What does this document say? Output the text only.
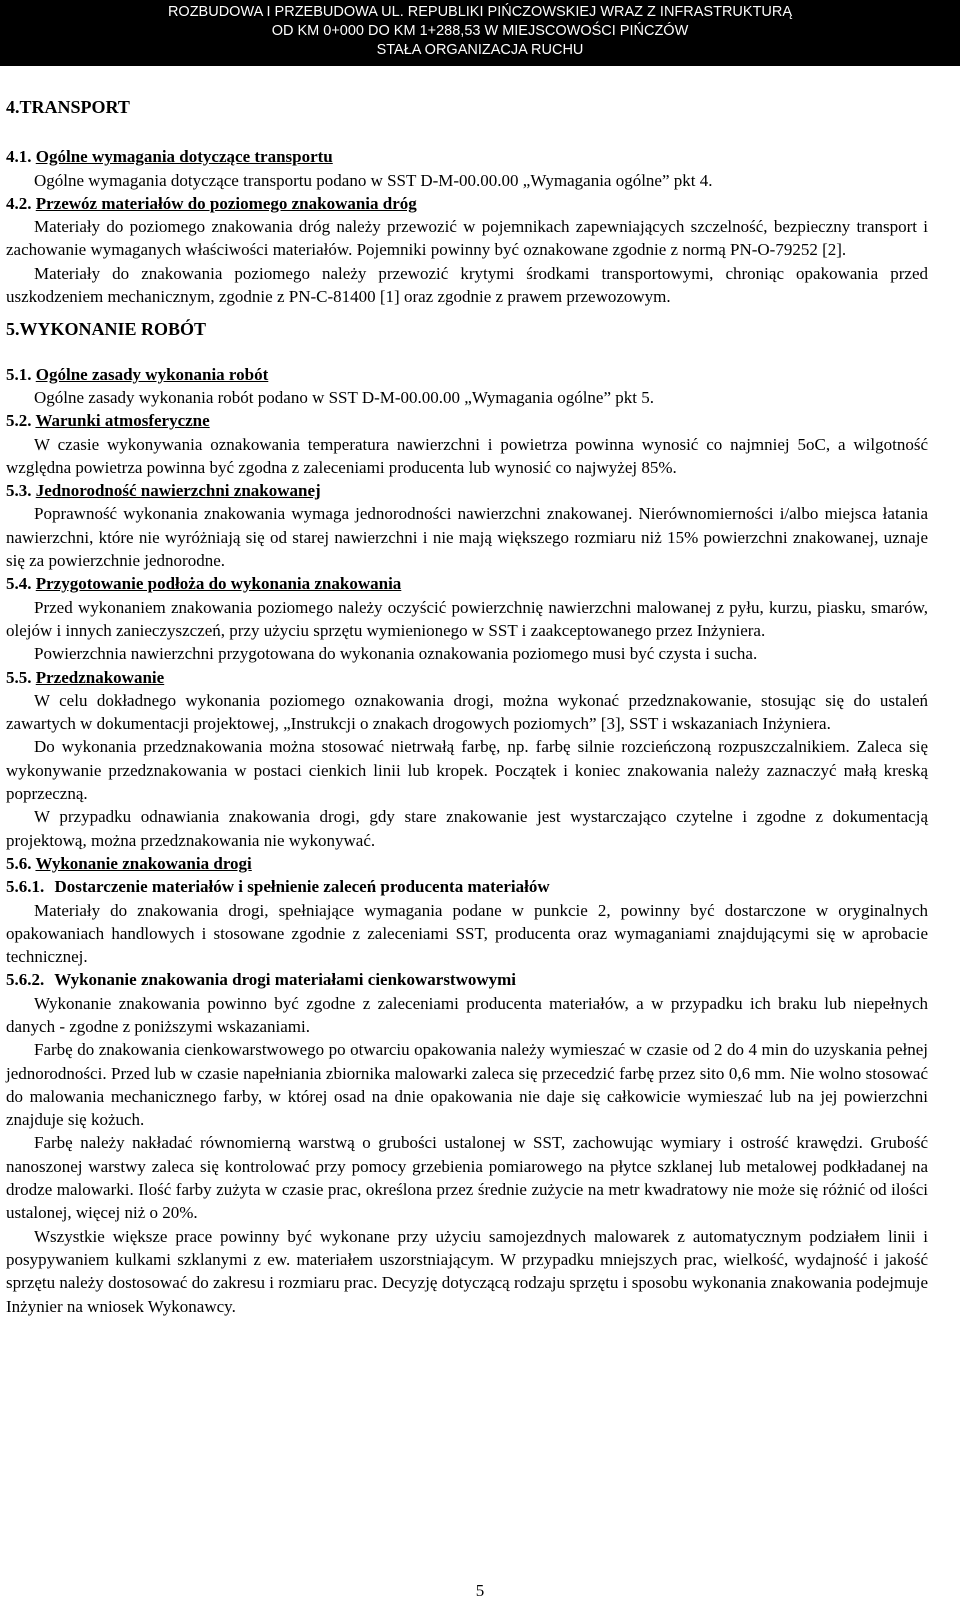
ROZBUDOWA I PRZEBUDOWA UL. REPUBLIKI PIŃCZOWSKIEJ WRAZ Z INFRASTRUKTURĄ
OD KM 0+000 DO KM 1+288,53 W MIEJSCOWOŚCI PIŃCZÓW
STAŁA ORGANIZACJA RUCHU
4.TRANSPORT
4.1. Ogólne wymagania dotyczące transportu

Ogólne wymagania dotyczące transportu podano w SST D-M-00.00.00 „Wymagania ogólne” pkt 4.

4.2. Przewóz materiałów do poziomego znakowania dróg

Materiały do poziomego znakowania dróg należy przewozić w pojemnikach zapewniających szczelność, bezpieczny transport i zachowanie wymaganych właściwości materiałów. Pojemniki powinny być oznakowane zgodnie z normą PN-O-79252 [2].

Materiały do znakowania poziomego należy przewozić krytymi środkami transportowymi, chroniąc opakowania przed uszkodzeniem mechanicznym, zgodnie z PN-C-81400 [1] oraz zgodnie z prawem przewozowym.

5.WYKONANIE ROBÓT
5.1. Ogólne zasady wykonania robót

Ogólne zasady wykonania robót podano w SST D-M-00.00.00 „Wymagania ogólne” pkt 5.

5.2. Warunki atmosferyczne

W czasie wykonywania oznakowania temperatura nawierzchni i powietrza powinna wynosić co najmniej 5oC, a wilgotność względna powietrza powinna być zgodna z zaleceniami producenta lub wynosić co najwyżej 85%.

5.3. Jednorodność nawierzchni znakowanej

Poprawność wykonania znakowania wymaga jednorodności nawierzchni znakowanej. Nierównomierności i/albo miejsca łatania nawierzchni, które nie wyróżniają się od starej nawierzchni i nie mają większego rozmiaru niż 15% powierzchni znakowanej, uznaje się za powierzchnie jednorodne.

5.4. Przygotowanie podłoża do wykonania znakowania

Przed wykonaniem znakowania poziomego należy oczyścić powierzchnię nawierzchni malowanej z pyłu, kurzu, piasku, smarów, olejów i innych zanieczyszczeń, przy użyciu sprzętu wymienionego w SST i zaakceptowanego przez Inżyniera.

Powierzchnia nawierzchni przygotowana do wykonania oznakowania poziomego musi być czysta i sucha.

5.5. Przedznakowanie

W celu dokładnego wykonania poziomego oznakowania drogi, można wykonać przedznakowanie, stosując się do ustaleń zawartych w dokumentacji projektowej, „Instrukcji o znakach drogowych poziomych” [3], SST i wskazaniach Inżyniera.

Do wykonania przedznakowania można stosować nietrwałą farbę, np. farbę silnie rozcieńczoną rozpuszczalnikiem. Zaleca się wykonywanie przedznakowania w postaci cienkich linii lub kropek. Początek i koniec znakowania należy zaznaczyć małą kreską poprzeczną.

W przypadku odnawiania znakowania drogi, gdy stare znakowanie jest wystarczająco czytelne i zgodne z dokumentacją projektową, można przedznakowania nie wykonywać.

5.6. Wykonanie znakowania drogi
5.6.1. Dostarczenie materiałów i spełnienie zaleceń producenta materiałów

Materiały do znakowania drogi, spełniające wymagania podane w punkcie 2, powinny być dostarczone w oryginalnych opakowaniach handlowych i stosowane zgodnie z zaleceniami SST, producenta oraz wymaganiami znajdującymi się w aprobacie technicznej.

5.6.2. Wykonanie znakowania drogi materiałami cienkowarstwowymi

Wykonanie znakowania powinno być zgodne z zaleceniami producenta materiałów, a w przypadku ich braku lub niepełnych danych - zgodne z poniższymi wskazaniami.

Farbę do znakowania cienkowarstwowego po otwarciu opakowania należy wymieszać w czasie od 2 do 4 min do uzyskania pełnej jednorodności. Przed lub w czasie napełniania zbiornika malowarki zaleca się przecedzić farbę przez sito 0,6 mm. Nie wolno stosować do malowania mechanicznego farby, w której osad na dnie opakowania nie daje się całkowicie wymieszać lub na jej powierzchni znajduje się kożuch.

Farbę należy nakładać równomierną warstwą o grubości ustalonej w SST, zachowując wymiary i ostrość krawędzi. Grubość nanoszonej warstwy zaleca się kontrolować przy pomocy grzebienia pomiarowego na płytce szklanej lub metalowej podkładanej na drodze malowarki. Ilość farby zużyta w czasie prac, określona przez średnie zużycie na metr kwadratowy nie może się różnić od ilości ustalonej, więcej niż o 20%.

Wszystkie większe prace powinny być wykonane przy użyciu samojezdnych malowarek z automatycznym podziałem linii i posypywaniem kulkami szklanymi z ew. materiałem uszorstniającym. W przypadku mniejszych prac, wielkość, wydajność i jakość sprzętu należy dostosować do zakresu i rozmiaru prac. Decyzję dotyczącą rodzaju sprzętu i sposobu wykonania znakowania podejmuje Inżynier na wniosek Wykonawcy.

5
